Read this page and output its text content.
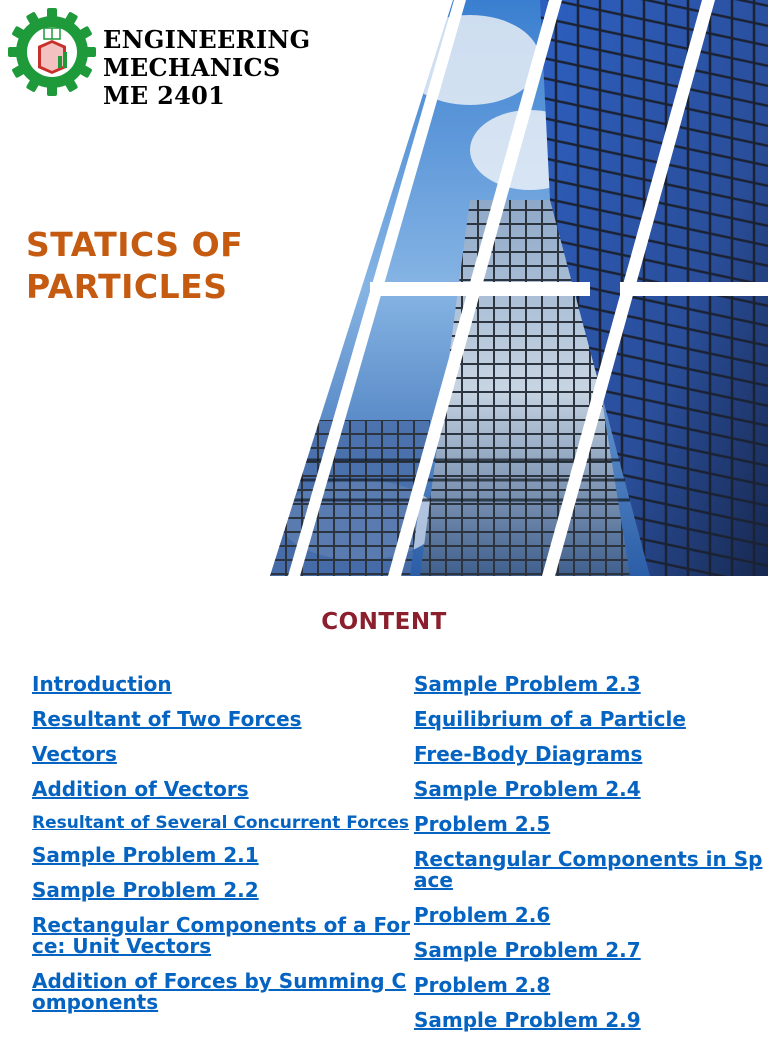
ENGINEERING
MECHANICS
ME 2401
STATICS OF
PARTICLES
CONTENT
Introduction
Resultant of Two Forces
Vectors
Addition of Vectors
Resultant of Several Concurrent Forces
Sample Problem 2.1
Sample Problem 2.2
Rectangular Components of a Force: Unit Vectors
Addition of Forces by Summing Components
Sample Problem 2.3
Equilibrium of a Particle
Free-Body Diagrams
Sample Problem 2.4
Problem 2.5
Rectangular Components in Space
Problem 2.6
Sample Problem 2.7
Problem 2.8
Sample Problem 2.9
